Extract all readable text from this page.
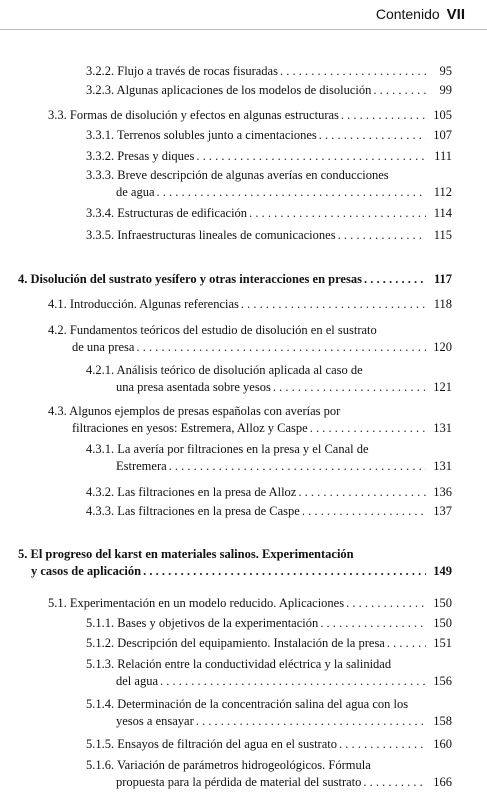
Contenido VII
3.2.2. Flujo a través de rocas fisuradas . . .	95
3.2.3. Algunas aplicaciones de los modelos de disolución . . .	99
3.3. Formas de disolución y efectos en algunas estructuras . . .	105
3.3.1. Terrenos solubles junto a cimentaciones . . .	107
3.3.2. Presas y diques . . .	111
3.3.3. Breve descripción de algunas averías en conducciones
de agua . . .	112
3.3.4. Estructuras de edificación . . .	114
3.3.5. Infraestructuras lineales de comunicaciones . . .	115
4. Disolución del sustrato yesífero y otras interacciones en presas . . .	117
4.1. Introducción. Algunas referencias . . .	118
4.2. Fundamentos teóricos del estudio de disolución en el sustrato
de una presa . . .	120
4.2.1. Análisis teórico de disolución aplicada al caso de
una presa asentada sobre yesos . . .	121
4.3. Algunos ejemplos de presas españolas con averías por
filtraciones en yesos: Estremera, Alloz y Caspe . . .	131
4.3.1. La avería por filtraciones en la presa y el Canal de
Estremera . . .	131
4.3.2. Las filtraciones en la presa de Alloz . . .	136
4.3.3. Las filtraciones en la presa de Caspe . . .	137
5. El progreso del karst en materiales salinos. Experimentación
y casos de aplicación . . .	149
5.1. Experimentación en un modelo reducido. Aplicaciones . . .	150
5.1.1. Bases y objetivos de la experimentación . . .	150
5.1.2. Descripción del equipamiento. Instalación de la presa . . .	151
5.1.3. Relación entre la conductividad eléctrica y la salinidad
del agua . . .	156
5.1.4. Determinación de la concentración salina del agua con los
yesos a ensayar . . .	158
5.1.5. Ensayos de filtración del agua en el sustrato . . .	160
5.1.6. Variación de parámetros hidrogeológicos. Fórmula
propuesta para la pérdida de material del sustrato . . .	166
